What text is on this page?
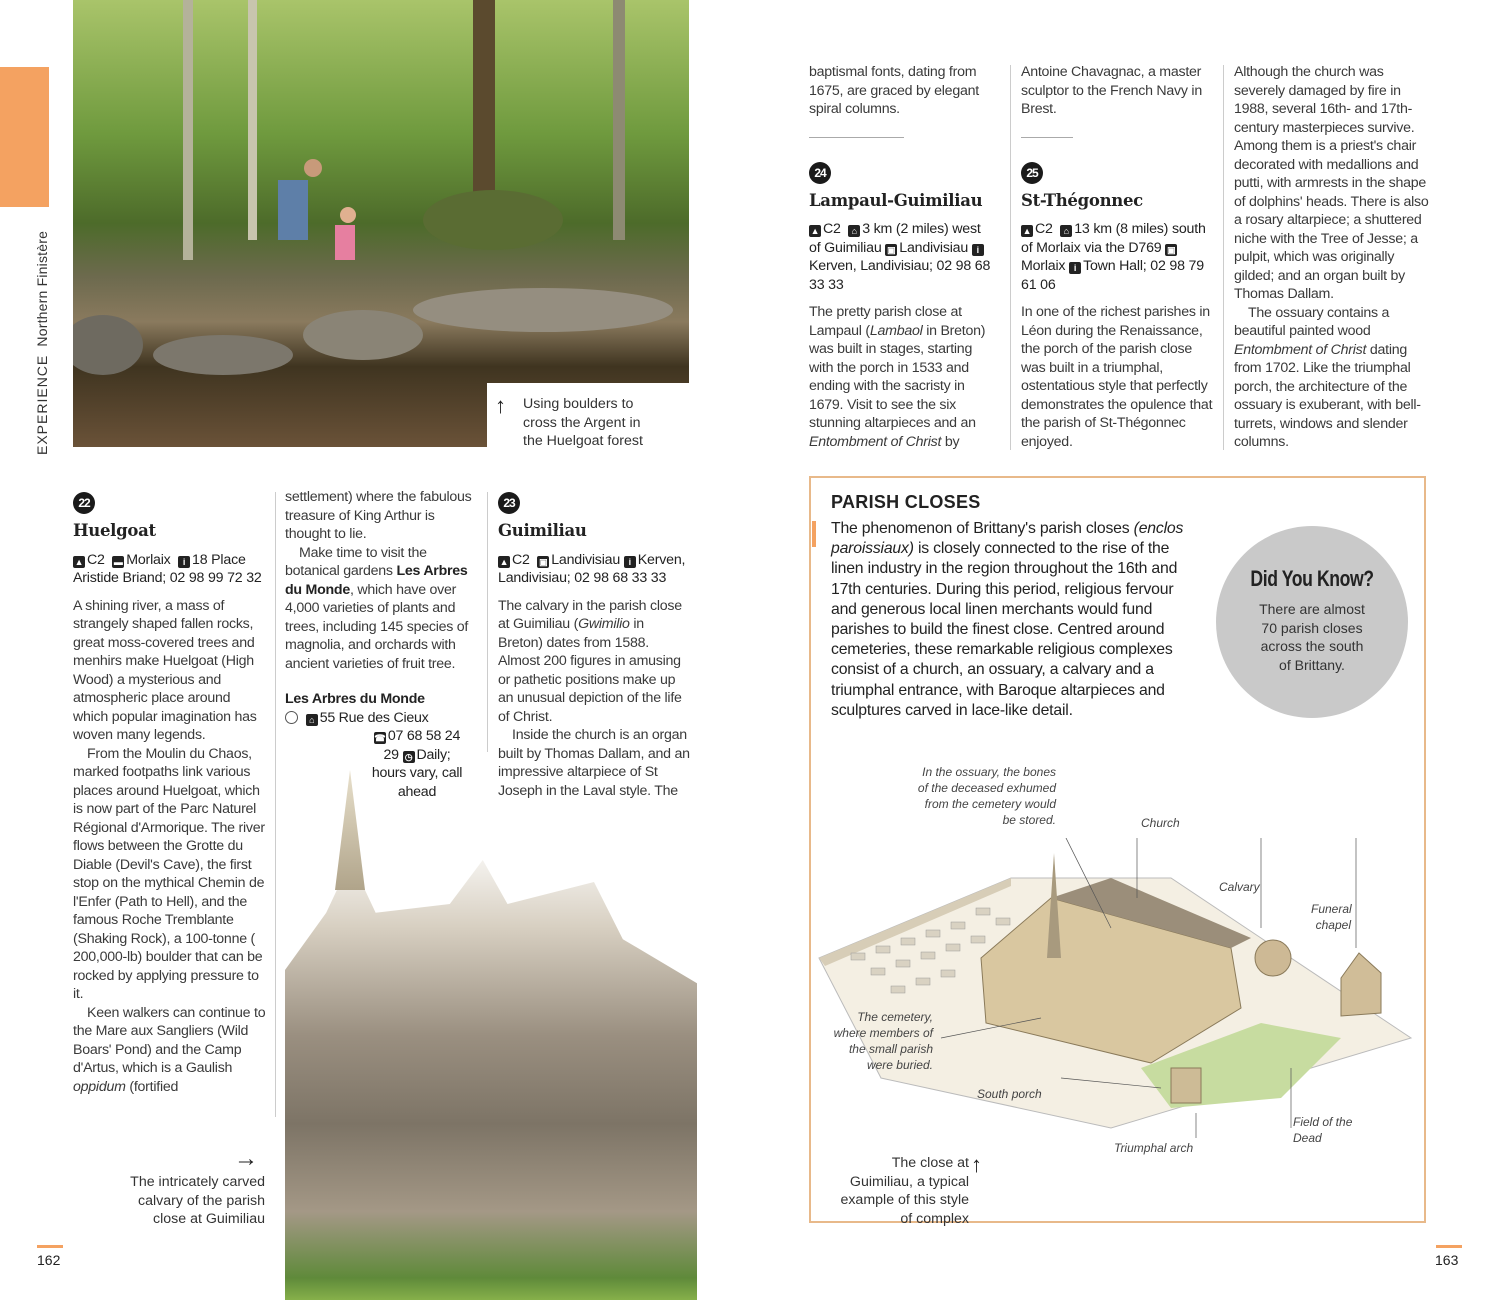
EXPERIENCE  Northern Finistère
↑ Using boulders to cross the Argent in the Huelgoat forest
22
Huelgoat
▲ C2 ▬ Morlaix i 18 Place Aristide Briand; 02 98 99 72 32

A shining river, a mass of strangely shaped fallen rocks, great moss-covered trees and menhirs make Huelgoat (High Wood) a mysterious and atmospheric place around which popular imagination has woven many legends.

From the Moulin du Chaos, marked footpaths link various places around Huelgoat, which is now part of the Parc Naturel Régional d'Armorique. The river flows between the Grotte du Diable (Devil's Cave), the first stop on the mythical Chemin de l'Enfer (Path to Hell), and the famous Roche Tremblante (Shaking Rock), a 100-tonne ( 200,000-lb) boulder that can be rocked by applying pressure to it.

Keen walkers can continue to the Mare aux Sangliers (Wild Boars' Pond) and the Camp d'Artus, which is a Gaulish oppidum (fortified

settlement) where the fabulous treasure of King Arthur is thought to lie.

Make time to visit the botanical gardens Les Arbres du Monde, which have over 4,000 varieties of plants and trees, including 145 species of magnolia, and orchards with ancient varieties of fruit tree.

Les Arbres du Monde
⌂ 55 Rue des Cieux
☎ 07 68 58 24 29 ◷ Daily; hours vary, call ahead
23
Guimiliau
▲ C2 ▣ Landivisiau i Kerven, Landivisiau; 02 98 68 33 33

The calvary in the parish close at Guimiliau (Gwimilio in Breton) dates from 1588. Almost 200 figures in amusing or pathetic positions make up an unusual depiction of the life of Christ.

Inside the church is an organ built by Thomas Dallam, and an impressive altarpiece of St Joseph in the Laval style. The

→
The intricately carved calvary of the parish close at Guimiliau
162

baptismal fonts, dating from 1675, are graced by elegant spiral columns.

24
Lampaul-Guimiliau
▲ C2 ⌂ 3 km (2 miles) west of Guimiliau ▣ Landivisiau iKerven, Landivisiau; 02 98 68 33 33

The pretty parish close at Lampaul (Lambaol in Breton) was built in stages, starting with the porch in 1533 and ending with the sacristy in 1679. Visit to see the six stunning altarpieces and an Entombment of Christ by

Antoine Chavagnac, a master sculptor to the French Navy in Brest.

25
St-Thégonnec
▲ C2 ⌂ 13 km (8 miles) south of Morlaix via the D769 ▣Morlaix i Town Hall; 02 98 79 61 06

In one of the richest parishes in Léon during the Renaissance, the porch of the parish close was built in a triumphal, ostentatious style that perfectly demonstrates the opulence that the parish of St-Thégonnec enjoyed.

Although the church was severely damaged by fire in 1988, several 16th- and 17th-century masterpieces survive. Among them is a priest's chair decorated with medallions and putti, with armrests in the shape of dolphins' heads. There is also a rosary altarpiece; a shuttered niche with the Tree of Jesse; a pulpit, which was originally gilded; and an organ built by Thomas Dallam.

The ossuary contains a beautiful painted wood Entombment of Christ dating from 1702. Like the triumphal porch, the architecture of the ossuary is exuberant, with bell-turrets, windows and slender columns.

PARISH CLOSES
The phenomenon of Brittany's parish closes (enclos paroissiaux) is closely connected to the rise of the linen industry in the region throughout the 16th and 17th centuries. During this period, religious fervour and generous local linen merchants would fund parishes to build the finest close. Centred around cemeteries, these remarkable religious complexes consist of a church, an ossuary, a calvary and a triumphal entrance, with Baroque altarpieces and sculptures carved in lace-like detail.
Did You Know?
There are almost 70 parish closes across the south of Brittany.
In the ossuary, the bones of the deceased exhumed from the cemetery would be stored.	Church
Calvary
Funeral chapel
The cemetery, where members of the small parish were buried.
South porch
Triumphal arch
Field of the Dead
The close at Guimiliau, a typical example of this style of complex
↑
163
